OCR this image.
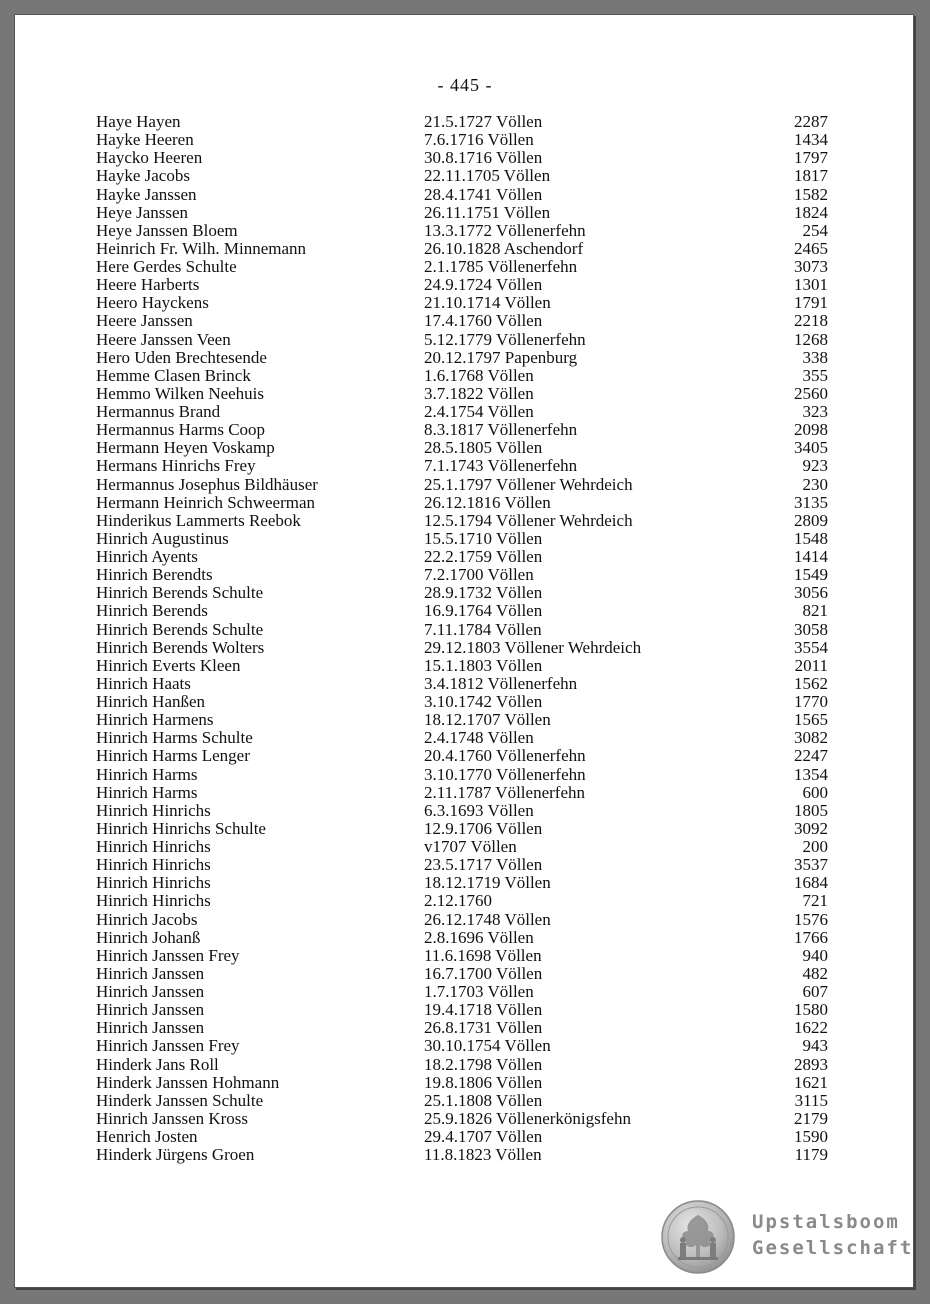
- 445 -
Haye Hayen	21.5.1727 Völlen	2287
Hayke Heeren	7.6.1716 Völlen	1434
Haycko Heeren	30.8.1716 Völlen	1797
Hayke Jacobs	22.11.1705 Völlen	1817
Hayke Janssen	28.4.1741 Völlen	1582
Heye Janssen	26.11.1751 Völlen	1824
Heye Janssen Bloem	13.3.1772 Völlenerfehn	254
Heinrich Fr. Wilh. Minnemann	26.10.1828 Aschendorf	2465
Here Gerdes Schulte	2.1.1785 Völlenerfehn	3073
Heere Harberts	24.9.1724 Völlen	1301
Heero Hayckens	21.10.1714 Völlen	1791
Heere Janssen	17.4.1760 Völlen	2218
Heere Janssen Veen	5.12.1779 Völlenerfehn	1268
Hero Uden Brechtesende	20.12.1797 Papenburg	338
Hemme Clasen Brinck	1.6.1768 Völlen	355
Hemmo Wilken Neehuis	3.7.1822 Völlen	2560
Hermannus Brand	2.4.1754 Völlen	323
Hermannus Harms Coop	8.3.1817 Völlenerfehn	2098
Hermann Heyen Voskamp	28.5.1805 Völlen	3405
Hermans Hinrichs Frey	7.1.1743 Völlenerfehn	923
Hermannus Josephus Bildhäuser	25.1.1797 Völlener Wehrdeich	230
Hermann Heinrich Schweerman	26.12.1816 Völlen	3135
Hinderikus Lammerts Reebok	12.5.1794 Völlener Wehrdeich	2809
Hinrich Augustinus	15.5.1710 Völlen	1548
Hinrich Ayents	22.2.1759 Völlen	1414
Hinrich Berendts	7.2.1700 Völlen	1549
Hinrich Berends Schulte	28.9.1732 Völlen	3056
Hinrich Berends	16.9.1764 Völlen	821
Hinrich Berends Schulte	7.11.1784 Völlen	3058
Hinrich Berends Wolters	29.12.1803 Völlener Wehrdeich	3554
Hinrich Everts Kleen	15.1.1803 Völlen	2011
Hinrich Haats	3.4.1812 Völlenerfehn	1562
Hinrich Hanßen	3.10.1742 Völlen	1770
Hinrich Harmens	18.12.1707 Völlen	1565
Hinrich Harms Schulte	2.4.1748 Völlen	3082
Hinrich Harms Lenger	20.4.1760 Völlenerfehn	2247
Hinrich Harms	3.10.1770 Völlenerfehn	1354
Hinrich Harms	2.11.1787 Völlenerfehn	600
Hinrich Hinrichs	6.3.1693 Völlen	1805
Hinrich Hinrichs Schulte	12.9.1706 Völlen	3092
Hinrich Hinrichs	v1707 Völlen	200
Hinrich Hinrichs	23.5.1717 Völlen	3537
Hinrich Hinrichs	18.12.1719 Völlen	1684
Hinrich Hinrichs	2.12.1760	721
Hinrich Jacobs	26.12.1748 Völlen	1576
Hinrich Johanß	2.8.1696 Völlen	1766
Hinrich Janssen Frey	11.6.1698 Völlen	940
Hinrich Janssen	16.7.1700 Völlen	482
Hinrich Janssen	1.7.1703 Völlen	607
Hinrich Janssen	19.4.1718 Völlen	1580
Hinrich Janssen	26.8.1731 Völlen	1622
Hinrich Janssen Frey	30.10.1754 Völlen	943
Hinderk Jans Roll	18.2.1798 Völlen	2893
Hinderk Janssen Hohmann	19.8.1806 Völlen	1621
Hinderk Janssen Schulte	25.1.1808 Völlen	3115
Hinrich Janssen Kross	25.9.1826 Völlenerkönigsfehn	2179
Henrich Josten	29.4.1707 Völlen	1590
Hinderk Jürgens Groen	11.8.1823 Völlen	1179
Upstalsboom
Gesellschaft
